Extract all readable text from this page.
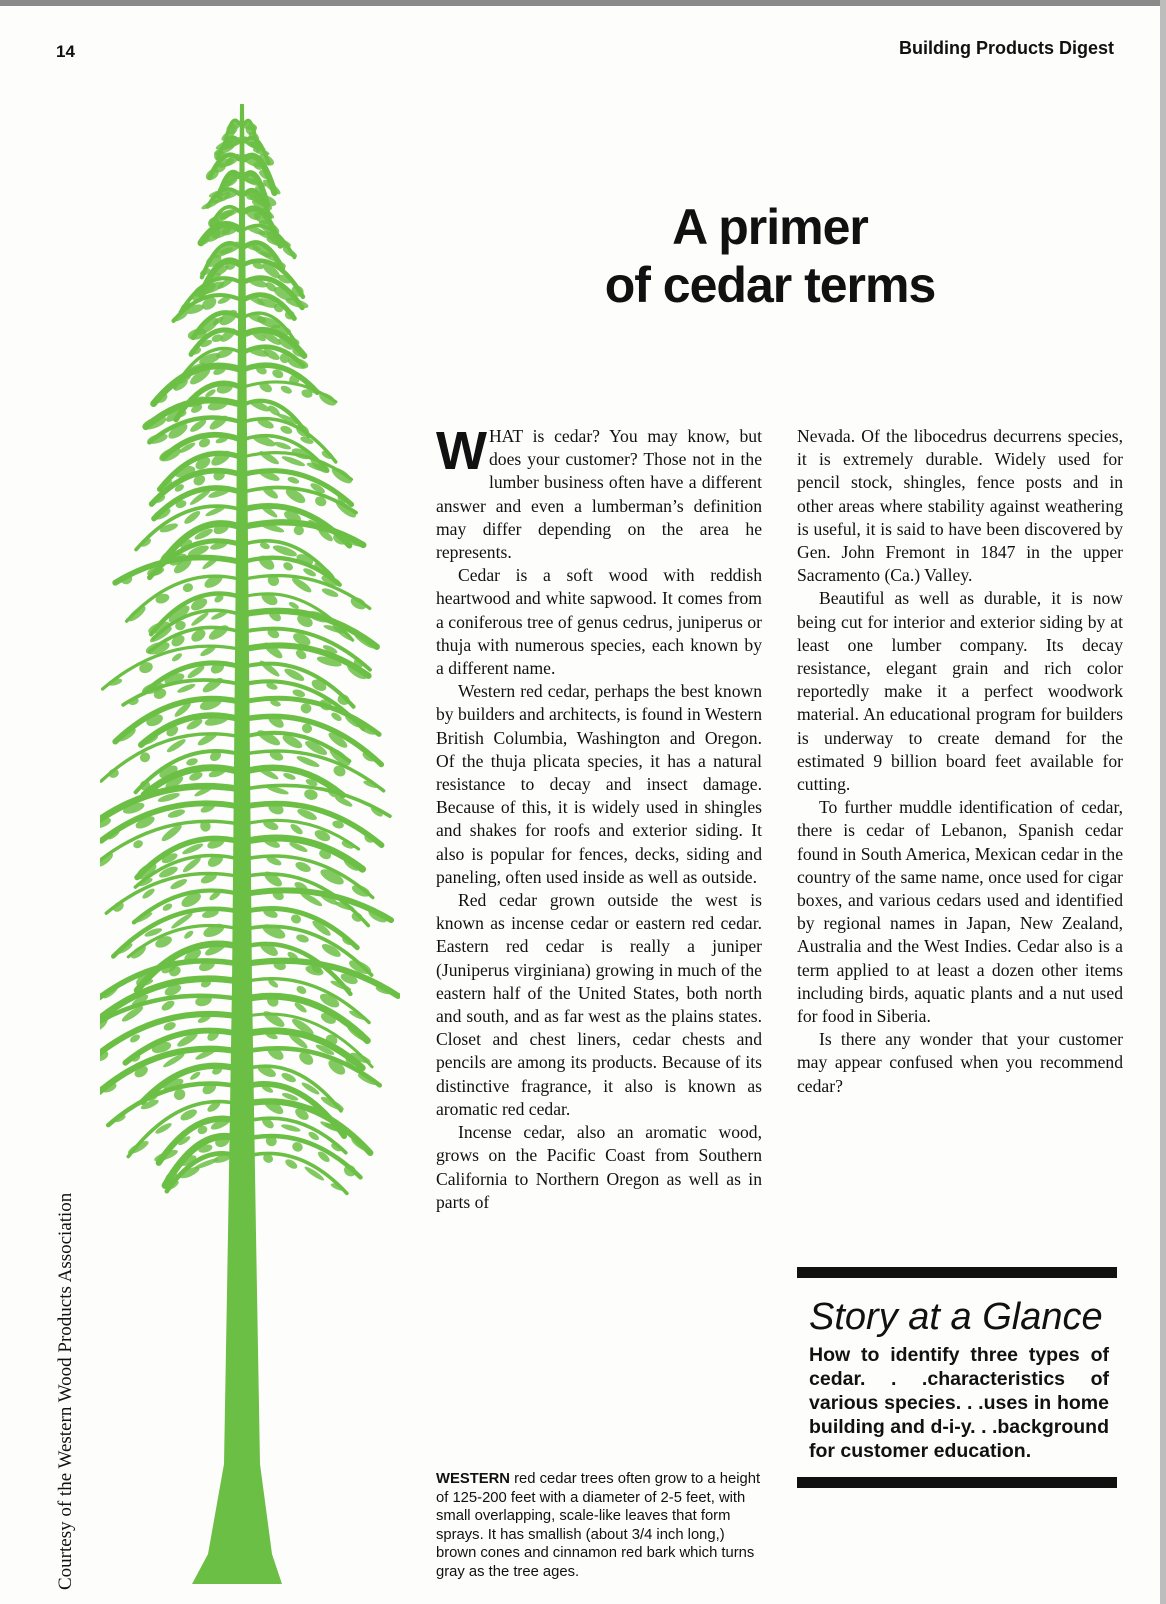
14	Building Products Digest
A primer
of cedar terms
Courtesy of the Western Wood Products Association

WHAT is cedar? You may know, but does your customer? Those not in the lumber business often have a different answer and even a lumberman’s definition may differ depending on the area he represents.

Cedar is a soft wood with reddish heartwood and white sapwood. It comes from a coniferous tree of genus cedrus, juniperus or thuja with numerous species, each known by a different name.

Western red cedar, perhaps the best known by builders and architects, is found in Western British Columbia, Washington and Oregon. Of the thuja plicata species, it has a natural resistance to decay and insect damage. Because of this, it is widely used in shingles and shakes for roofs and exterior siding. It also is popular for fences, decks, siding and paneling, often used inside as well as outside.

Red cedar grown outside the west is known as incense cedar or eastern red cedar. Eastern red cedar is really a juniper (Juniperus virginiana) growing in much of the eastern half of the United States, both north and south, and as far west as the plains states. Closet and chest liners, cedar chests and pencils are among its products. Because of its distinctive fragrance, it also is known as aromatic red cedar.

Incense cedar, also an aromatic wood, grows on the Pacific Coast from Southern California to Northern Oregon as well as in parts of

Nevada. Of the libocedrus decurrens species, it is extremely durable. Widely used for pencil stock, shingles, fence posts and in other areas where stability against weathering is useful, it is said to have been discovered by Gen. John Fremont in 1847 in the upper Sacramento (Ca.) Valley.

Beautiful as well as durable, it is now being cut for interior and exterior siding by at least one lumber company. Its decay resistance, elegant grain and rich color reportedly make it a perfect woodwork material. An educational program for builders is underway to create demand for the estimated 9 billion board feet available for cutting.

To further muddle identification of cedar, there is cedar of Lebanon, Spanish cedar found in South America, Mexican cedar in the country of the same name, once used for cigar boxes, and various cedars used and identified by regional names in Japan, New Zealand, Australia and the West Indies. Cedar also is a term applied to at least a dozen other items including birds, aquatic plants and a nut used for food in Siberia.

Is there any wonder that your customer may appear confused when you recommend cedar?

WESTERN red cedar trees often grow to a height of 125-200 feet with a diameter of 2-5 feet, with small overlapping, scale-like leaves that form sprays. It has smallish (about 3/4 inch long,) brown cones and cinnamon red bark which turns gray as the tree ages.
Story at a Glance
How to identify three types of cedar. . .characteristics of various species. . .uses in home building and d-i-y. . .background for customer education.
